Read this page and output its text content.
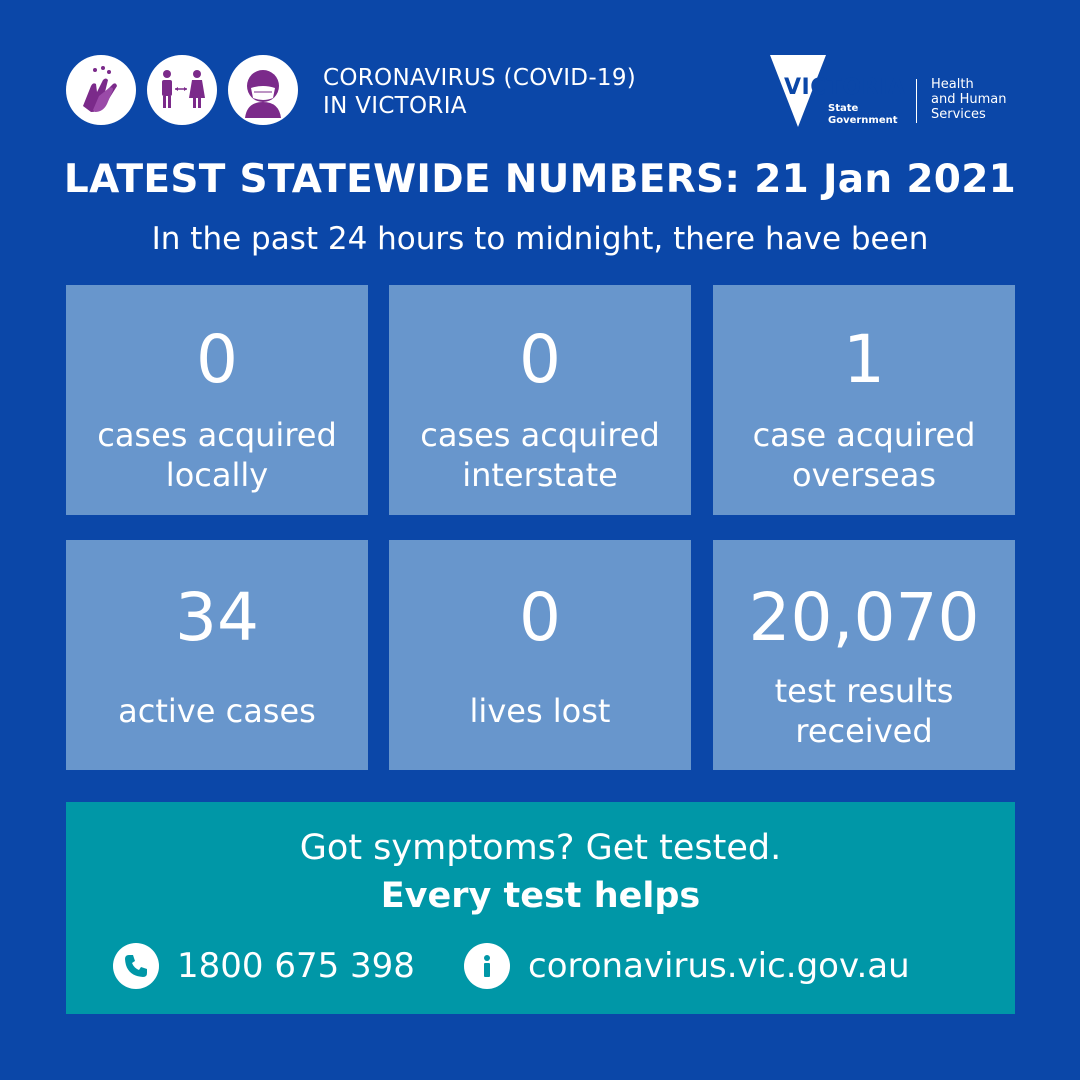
CORONAVIRUS (COVID-19)
IN VICTORIA
VICTORIA
State
Government
Health
and Human
Services
LATEST STATEWIDE NUMBERS: 21 Jan 2021
In the past 24 hours to midnight, there have been
0
cases acquired
locally
0
cases acquired
interstate
1
case acquired
overseas
34
active cases
0
lives lost
20,070
test results
received
Got symptoms? Get tested.
Every test helps
1800 675 398	coronavirus.vic.gov.au
